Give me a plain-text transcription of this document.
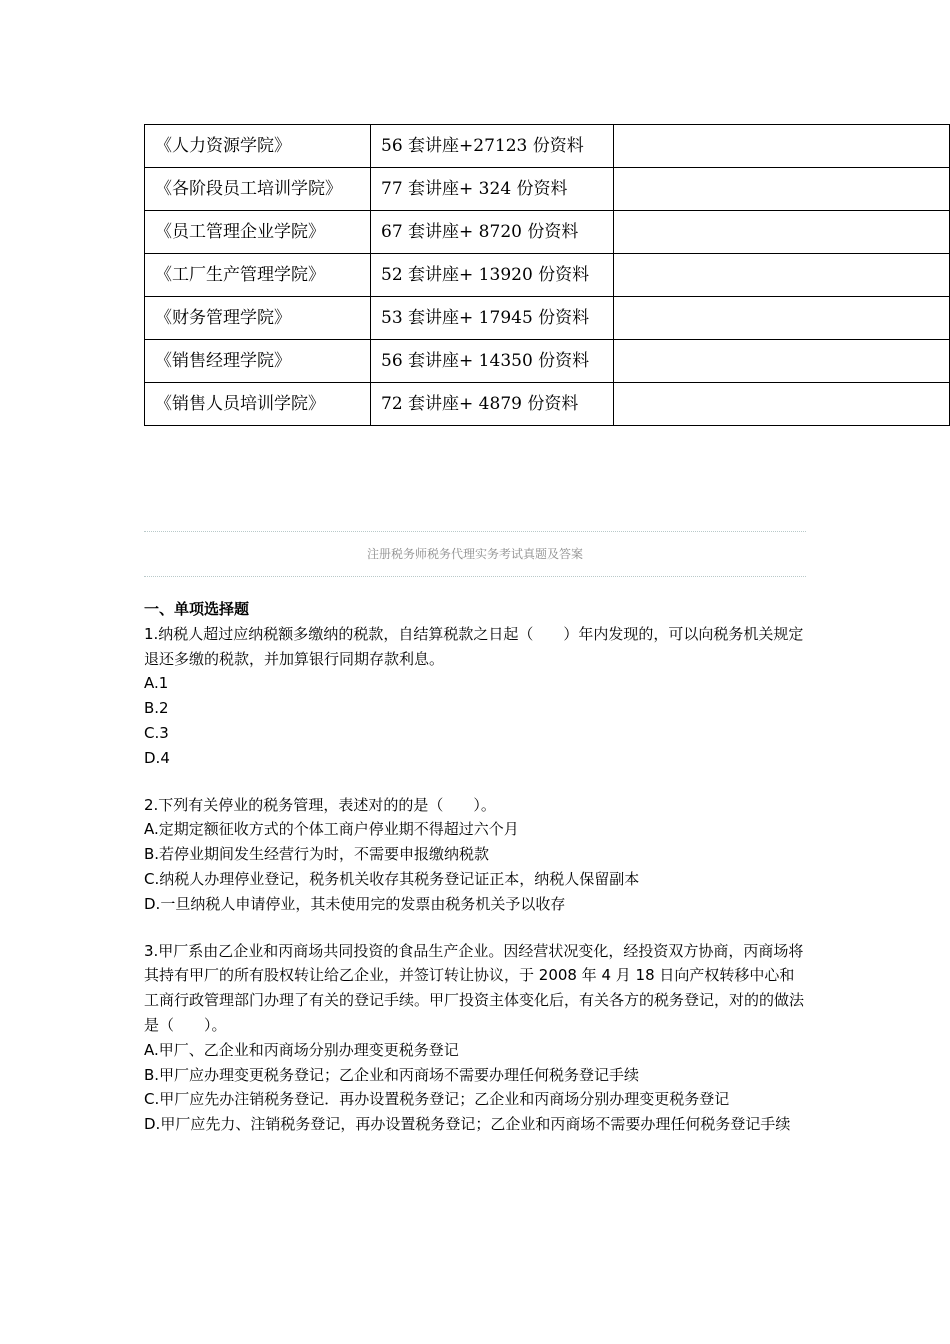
《人力资源学院》	56 套讲座+27123 份资料	

《各阶段员工培训学院》	77 套讲座+ 324 份资料	

《员工管理企业学院》	67 套讲座+ 8720 份资料	

《工厂生产管理学院》	52 套讲座+ 13920 份资料	

《财务管理学院》	53 套讲座+ 17945 份资料	

《销售经理学院》	56 套讲座+ 14350 份资料	

《销售人员培训学院》	72 套讲座+ 4879 份资料	

注册税务师税务代理实务考试真题及答案
一、单项选择题

1.纳税人超过应纳税额多缴纳的税款，自结算税款之日起（　　）年内发现的，可以向税务机关规定退还多缴的税款，并加算银行同期存款利息。

A.1

B.2

C.3

D.4

2.下列有关停业的税务管理，表述对的的是（　　）。

A.定期定额征收方式的个体工商户停业期不得超过六个月

B.若停业期间发生经营行为时，不需要申报缴纳税款

C.纳税人办理停业登记，税务机关收存其税务登记证正本，纳税人保留副本

D.一旦纳税人申请停业，其未使用完的发票由税务机关予以收存

3.甲厂系由乙企业和丙商场共同投资的食品生产企业。因经营状况变化，经投资双方协商，丙商场将其持有甲厂的所有股权转让给乙企业，并签订转让协议，于 2008 年 4 月 18 日向产权转移中心和工商行政管理部门办理了有关的登记手续。甲厂投资主体变化后，有关各方的税务登记，对的的做法是（　　）。

A.甲厂、乙企业和丙商场分别办理变更税务登记

B.甲厂应办理变更税务登记；乙企业和丙商场不需要办理任何税务登记手续

C.甲厂应先办注销税务登记．再办设置税务登记；乙企业和丙商场分别办理变更税务登记

D.甲厂应先力、注销税务登记，再办设置税务登记；乙企业和丙商场不需要办理任何税务登记手续
